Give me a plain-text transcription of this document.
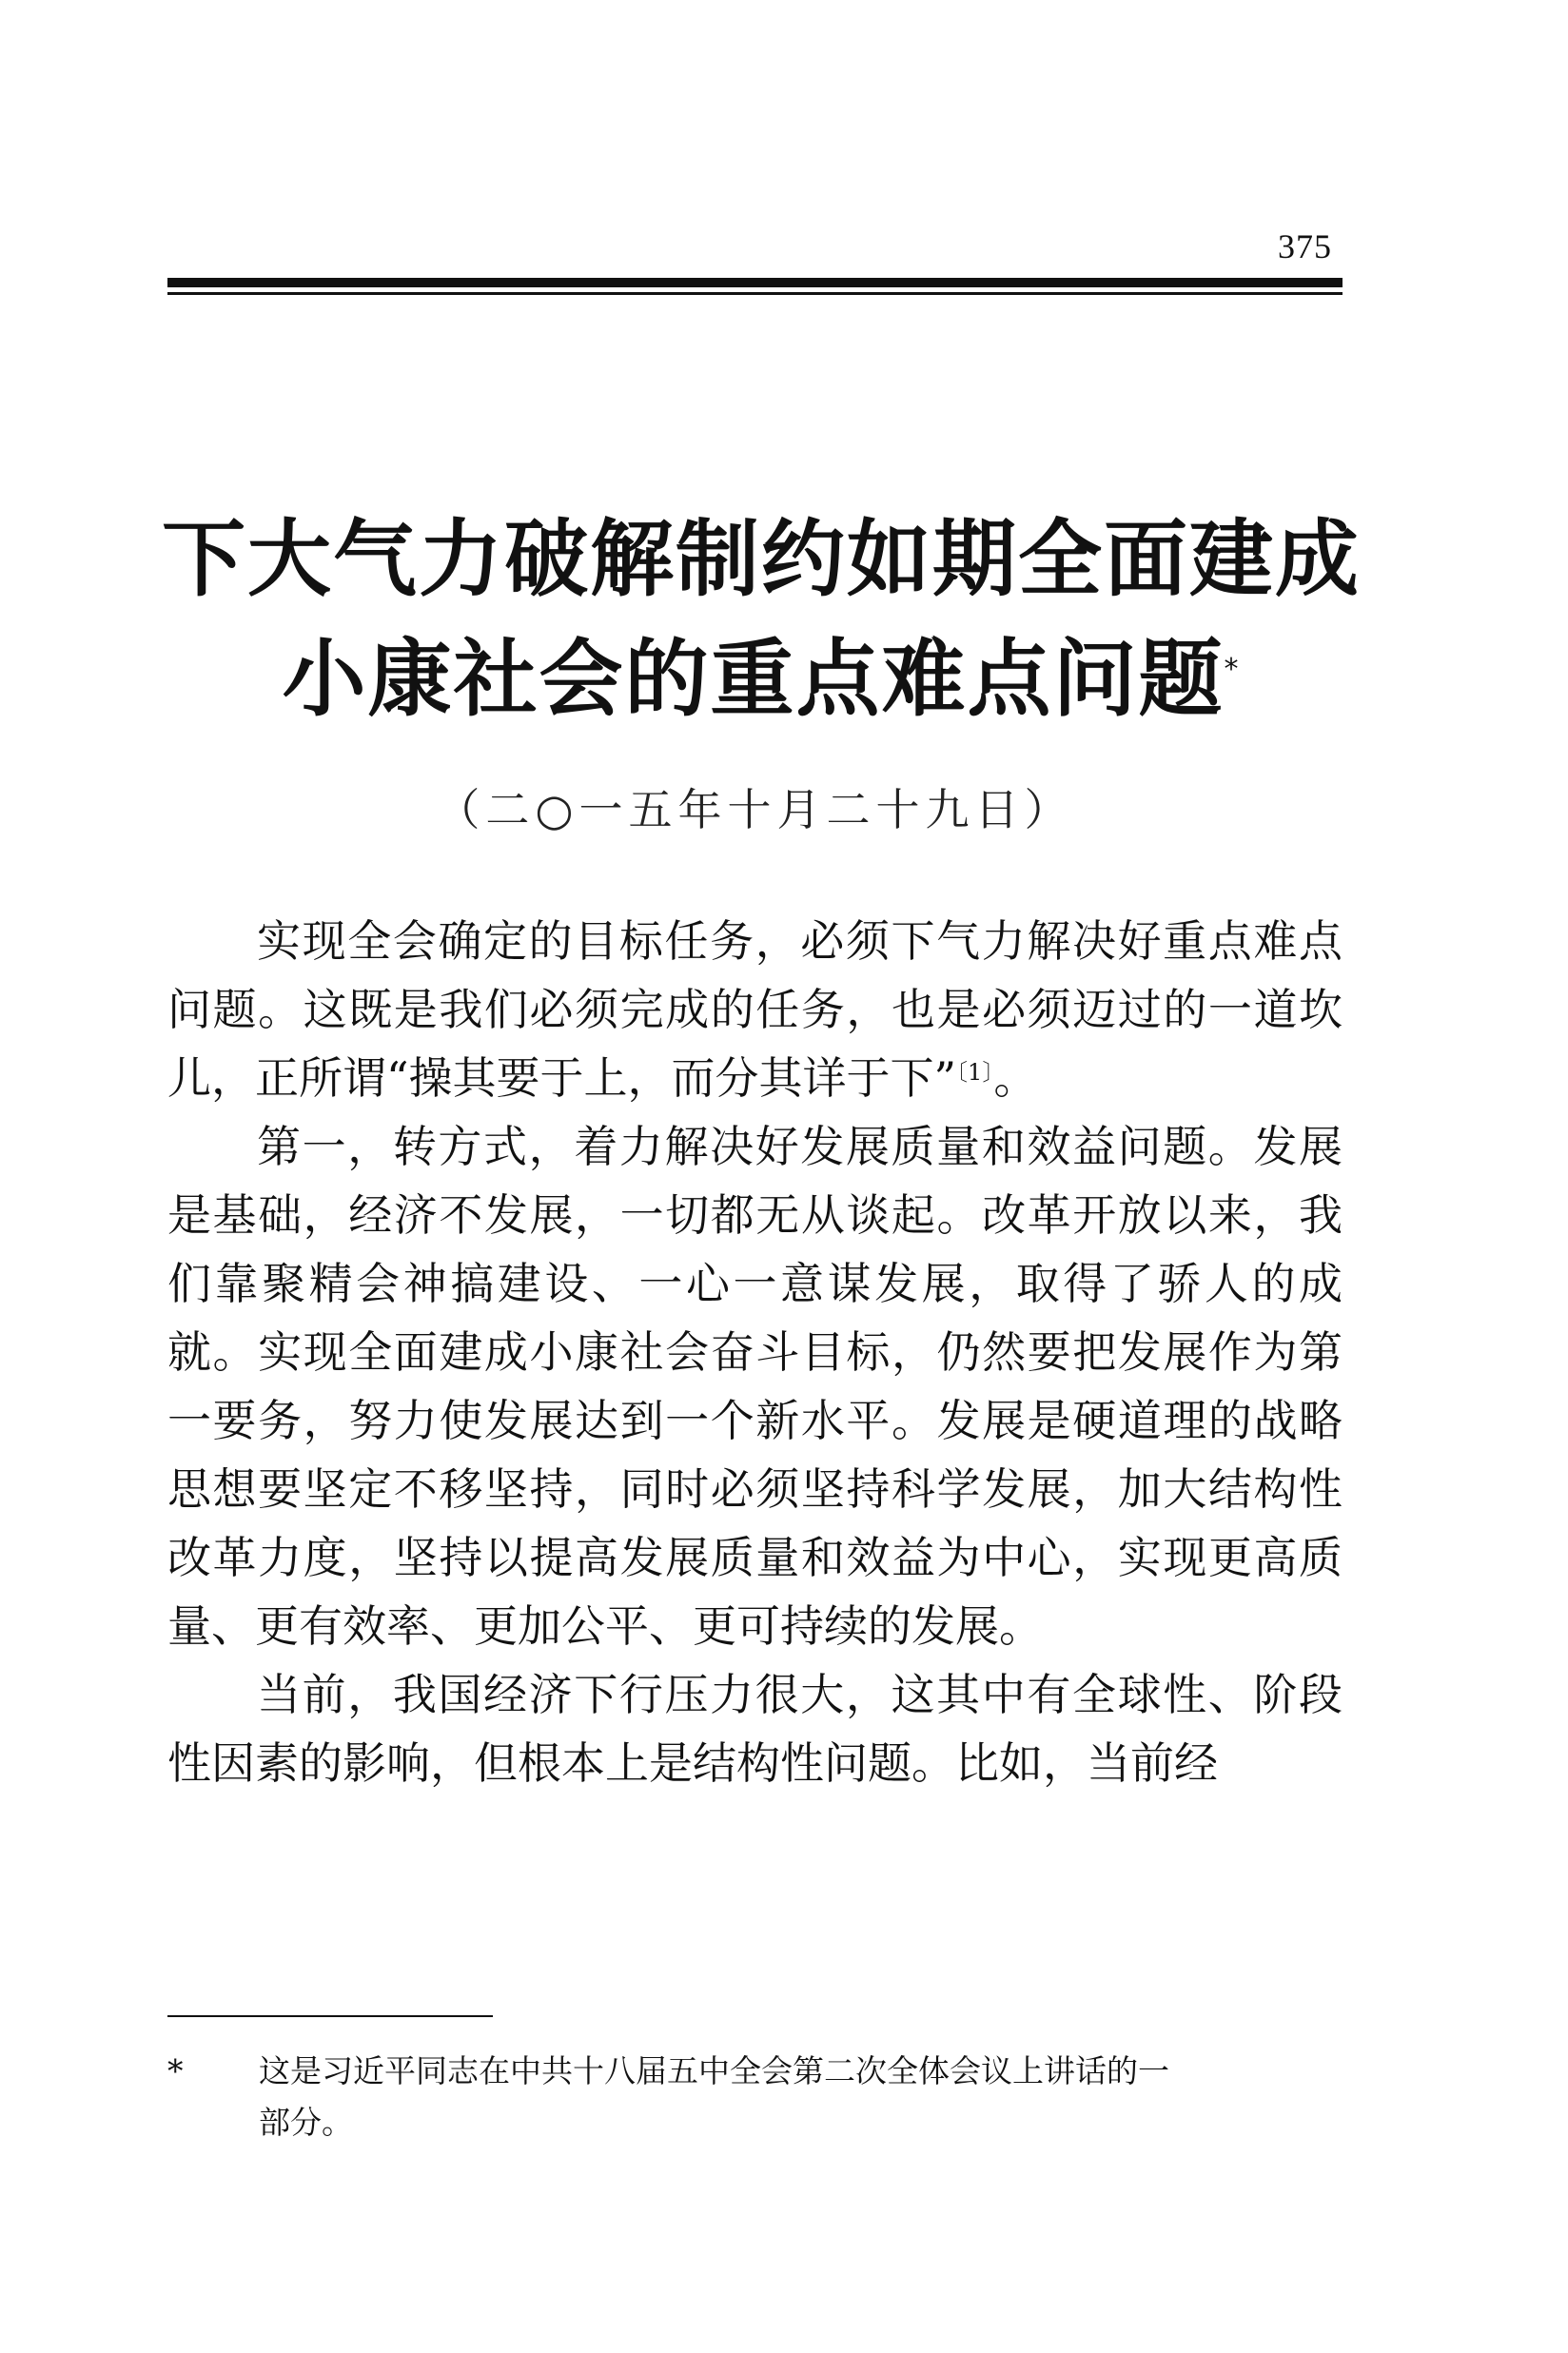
375
下大气力破解制约如期全面建成
小康社会的重点难点问题*
（二○一五年十月二十九日）

实现全会确定的目标任务，必须下气力解决好重点难点问题。这既是我们必须完成的任务，也是必须迈过的一道坎儿，正所谓“操其要于上，而分其详于下”$^{〔1〕}$。

第一，转方式，着力解决好发展质量和效益问题。发展是基础，经济不发展，一切都无从谈起。改革开放以来，我们靠聚精会神搞建设、一心一意谋发展，取得了骄人的成就。实现全面建成小康社会奋斗目标，仍然要把发展作为第一要务，努力使发展达到一个新水平。发展是硬道理的战略思想要坚定不移坚持，同时必须坚持科学发展，加大结构性改革力度，坚持以提高发展质量和效益为中心，实现更高质量、更有效率、更加公平、更可持续的发展。

当前，我国经济下行压力很大，这其中有全球性、阶段性因素的影响，但根本上是结构性问题。比如，当前经

* 这是习近平同志在中共十八届五中全会第二次全体会议上讲话的一
部分。
